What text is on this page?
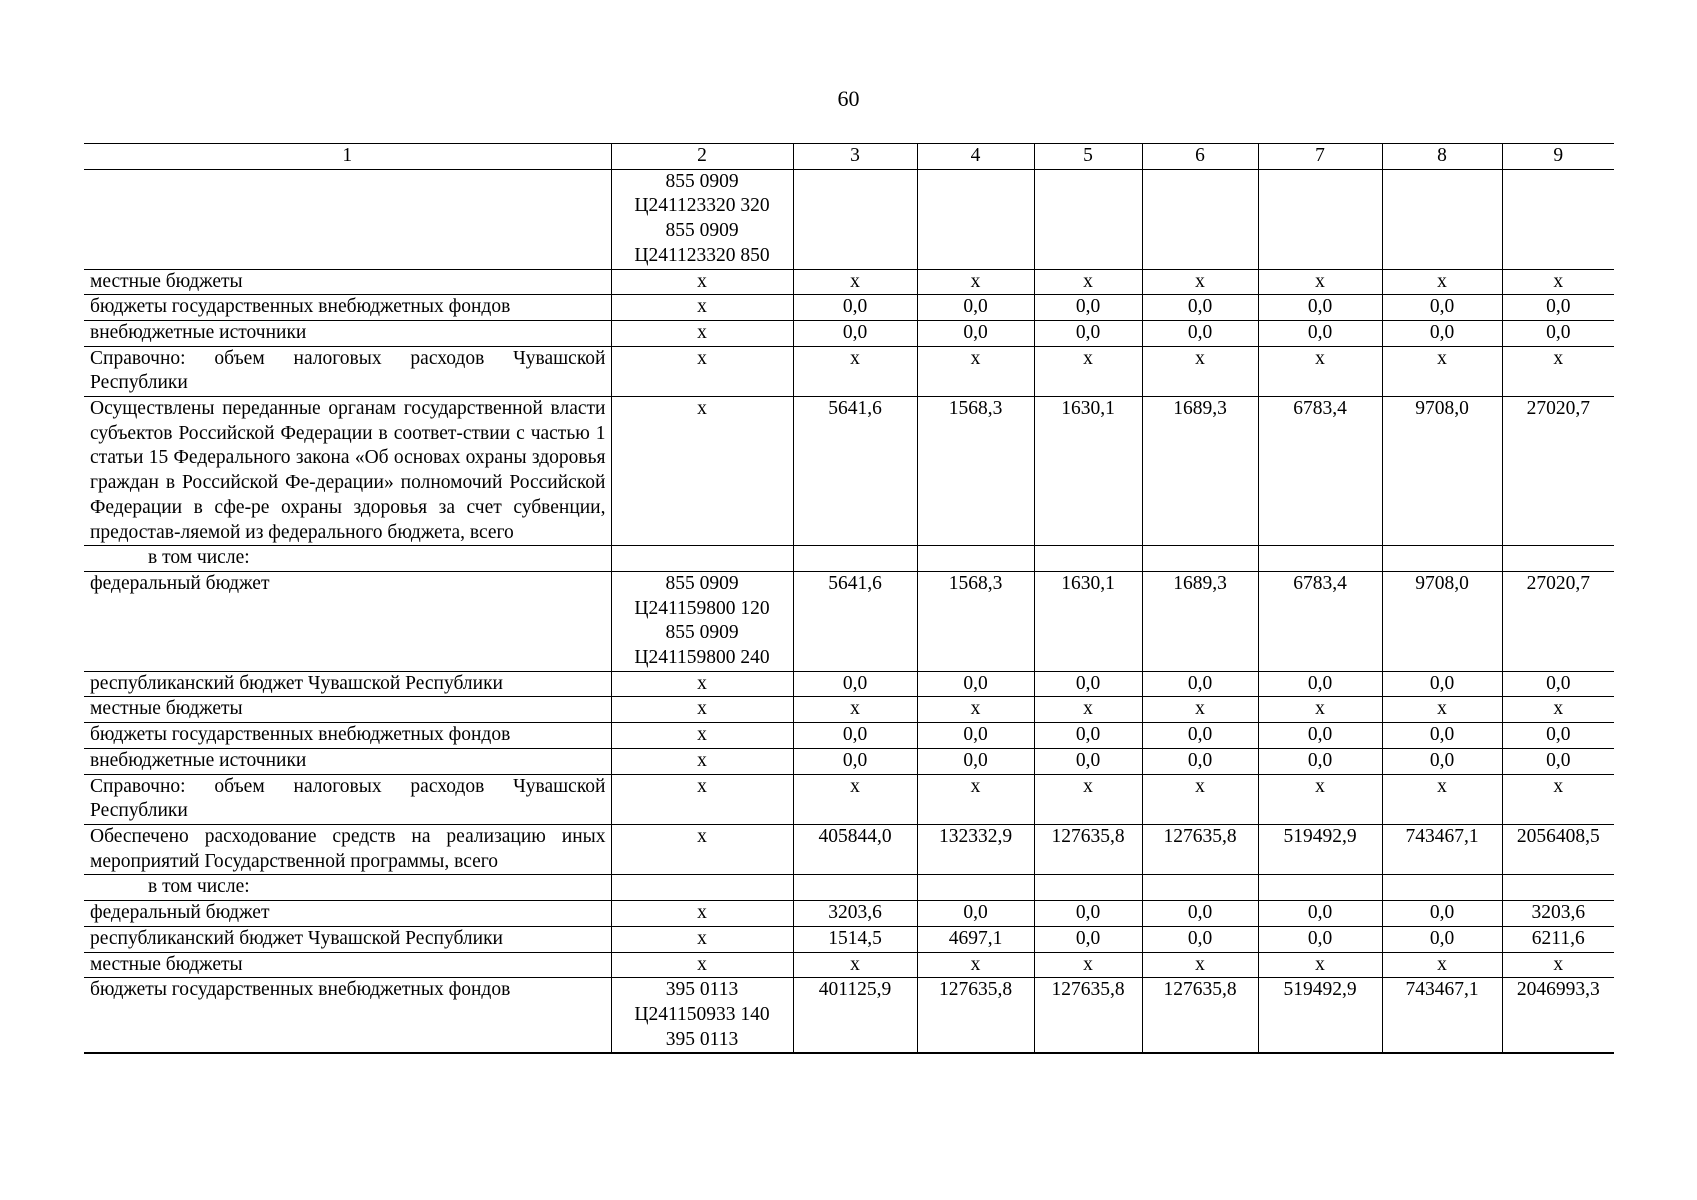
60
1	2	3	4	5	6	7	8	9

	855 0909
Ц241123320 320
855 0909
Ц241123320 850							

местные бюджеты	х	х	х	х	х	х	х	х
бюджеты государственных внебюджетных фондов	х	0,0	0,0	0,0	0,0	0,0	0,0	0,0
внебюджетные источники	х	0,0	0,0	0,0	0,0	0,0	0,0	0,0
Справочно: объем налоговых расходов Чувашской Республики	х	х	х	х	х	х	х	х
Осуществлены переданные органам государственной власти субъектов Российской Федерации в соответ-ствии с частью 1 статьи 15 Федерального закона «Об основах охраны здоровья граждан в Российской Фе-дерации» полномочий Российской Федерации в сфе-ре охраны здоровья за счет субвенции, предостав-ляемой из федерального бюджета, всего	х	5641,6	1568,3	1630,1	1689,3	6783,4	9708,0	27020,7
в том числе:	

федеральный бюджет	855 0909
Ц241159800 120
855 0909
Ц241159800 240	5641,6	1568,3	1630,1	1689,3	6783,4	9708,0	27020,7
республиканский бюджет Чувашской Республики	х	0,0	0,0	0,0	0,0	0,0	0,0	0,0
местные бюджеты	х	х	х	х	х	х	х	х
бюджеты государственных внебюджетных фондов	х	0,0	0,0	0,0	0,0	0,0	0,0	0,0
внебюджетные источники	х	0,0	0,0	0,0	0,0	0,0	0,0	0,0
Справочно: объем налоговых расходов Чувашской Республики	х	х	х	х	х	х	х	х
Обеспечено расходование средств на реализацию иных мероприятий Государственной программы, всего	х	405844,0	132332,9	127635,8	127635,8	519492,9	743467,1	2056408,5
в том числе:	

федеральный бюджет	х	3203,6	0,0	0,0	0,0	0,0	0,0	3203,6
республиканский бюджет Чувашской Республики	х	1514,5	4697,1	0,0	0,0	0,0	0,0	6211,6
местные бюджеты	х	х	х	х	х	х	х	х
бюджеты государственных внебюджетных фондов	395 0113
Ц241150933 140
395 0113	401125,9	127635,8	127635,8	127635,8	519492,9	743467,1	2046993,3
